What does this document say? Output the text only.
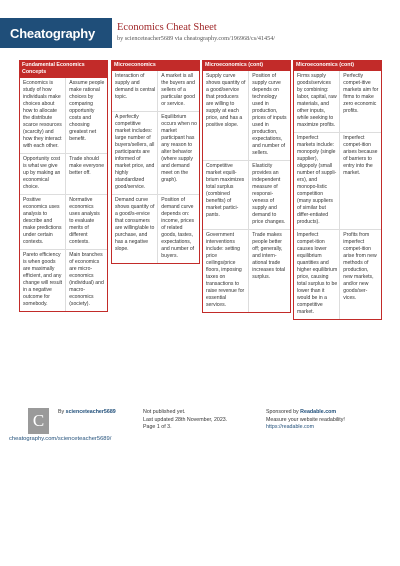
Cheatography Economics Cheat Sheet
by scienceteacher5689 via cheatography.com/196968/cs/41454/
Fundamental Economics Concepts
Economics is study of how individuals make choices about how to allocate the distribute scarce resources (scarcity) and how they interact with each other.
Assume people make rational choices by comparing opportunity costs and choosing greatest net benefit.
Opportunity cost is what we give up by making an economical choice.
Trade should make everyone better off.
Positive economics uses analysis to describe and make predictions under certain contexts.
Normative economics uses analysis to evaluate merits of different contexts.
Pareto efficiency is when goods are maximally efficient, and any change will result in a negative outcome for somebody.
Main branches of economics are micro-economics (individual) and macro-economics (society).
Microeconomics
Interaction of supply and demand is central topic.
A market is all the buyers and sellers of a particular good or service.
A perfectly competitive market includes: large number of buyers/sellers, all participants are informed of market price, and highly standardized good/service.
Equilibrium occurs when no market participant has any reason to alter behavior (where supply and demand meet on the graph).
Demand curve shows quantity of a good/s-ervice that consumers are willing/able to purchase, and has a negative slope.
Position of demand curve depends on: income, prices of related goods, tastes, expectations, and number of buyers.
Microeconomics (cont)
Supply curve shows quantity of a good/service that producers are willing to supply at each price, and has a positive slope.
Position of supply curve depends on technology used in production, prices of inputs used in production, expectations, and number of sellers.
Competitive market equili-brium maximizes total surplus (combined benefits) of market partici-pants.
Elasticity provides an independent measure of responsi-veness of supply and demand to price changes.
Government interventions include: setting price ceilings/price floors, imposing taxes on transactions to raise revenue for essential services.
Trade makes people better off; generally, and intern-ational trade increases total surplus.
Microeconomics (cont)
Firms supply goods/services by combining: labor, capital, raw materials, and other inputs, while seeking to maximize profits.
Perfectly compet-itive markets aim for firms to make zero economic profits.
Imperfect markets include: monopoly (single supplier), oligopoly (small number of suppli-ers), and monopo-listic competition (many suppliers of similar but differ-entiated products).
Imperfect compet-ition arises because of barriers to entry into the market.
Imperfect compet-ition causes lower equilibrium quantities and higher equilibrium price, causing total surplus to be lower than it would be in a competitive market.
Profits from imperfect compet-ition arise from new methods of production, new markets, and/or new goods/ser-vices.
C	By scienceteacher5689	Not published yet.
Last updated 28th November, 2023.
Page 1 of 3.
Sponsored by Readable.com
Measure your website readability!
https://readable.com
cheatography.com/scienceteacher5689/
